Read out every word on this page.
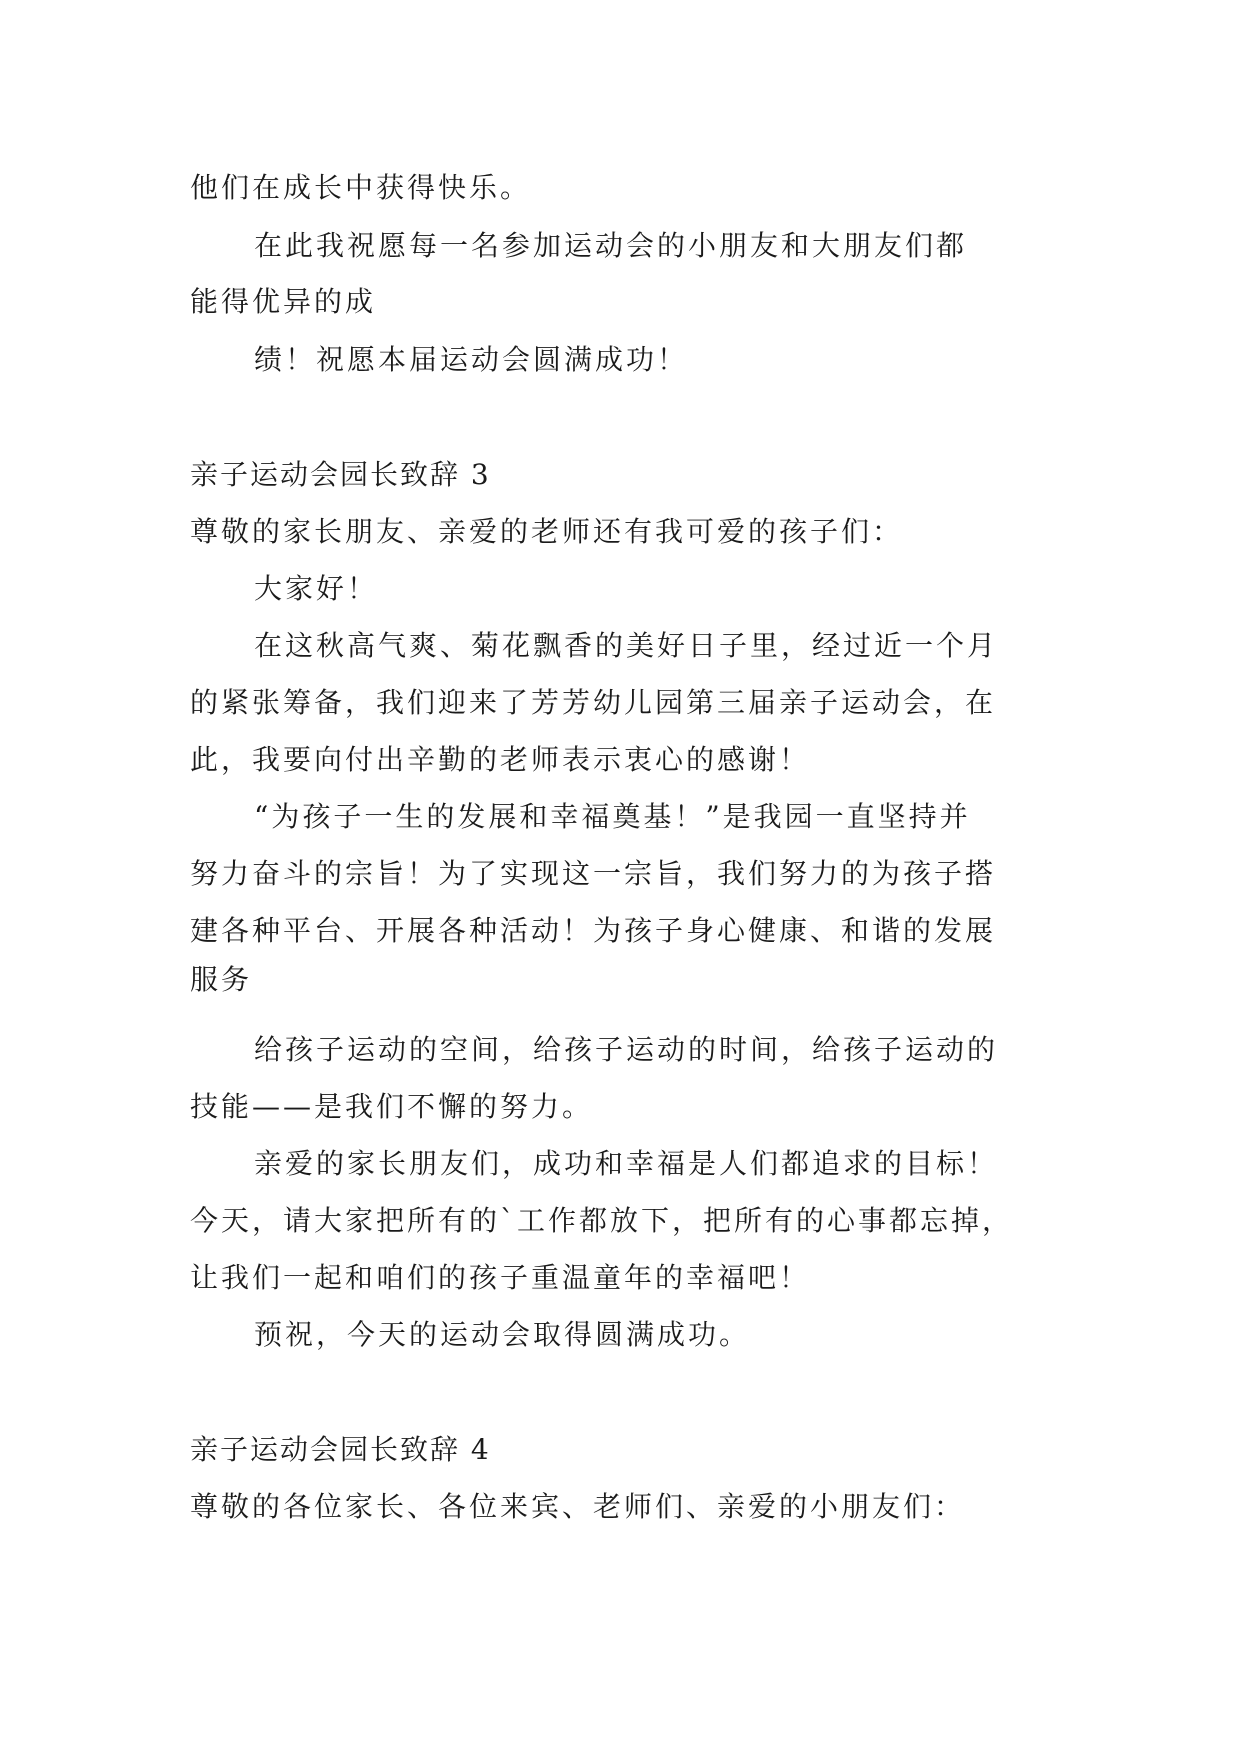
他们在成长中获得快乐。
在此我祝愿每一名参加运动会的小朋友和大朋友们都
能得优异的成
绩！祝愿本届运动会圆满成功！
亲子运动会园长致辞 3
尊敬的家长朋友、亲爱的老师还有我可爱的孩子们：
大家好！
在这秋高气爽、菊花飘香的美好日子里，经过近一个月
的紧张筹备，我们迎来了芳芳幼儿园第三届亲子运动会，在
此，我要向付出辛勤的老师表示衷心的感谢！
“为孩子一生的发展和幸福奠基！”是我园一直坚持并
努力奋斗的宗旨！为了实现这一宗旨，我们努力的为孩子搭
建各种平台、开展各种活动！为孩子身心健康、和谐的发展
服务
给孩子运动的空间，给孩子运动的时间，给孩子运动的
技能——是我们不懈的努力。
亲爱的家长朋友们，成功和幸福是人们都追求的目标！
今天，请大家把所有的`工作都放下，把所有的心事都忘掉，
让我们一起和咱们的孩子重温童年的幸福吧！
预祝，今天的运动会取得圆满成功。
亲子运动会园长致辞 4
尊敬的各位家长、各位来宾、老师们、亲爱的小朋友们：
